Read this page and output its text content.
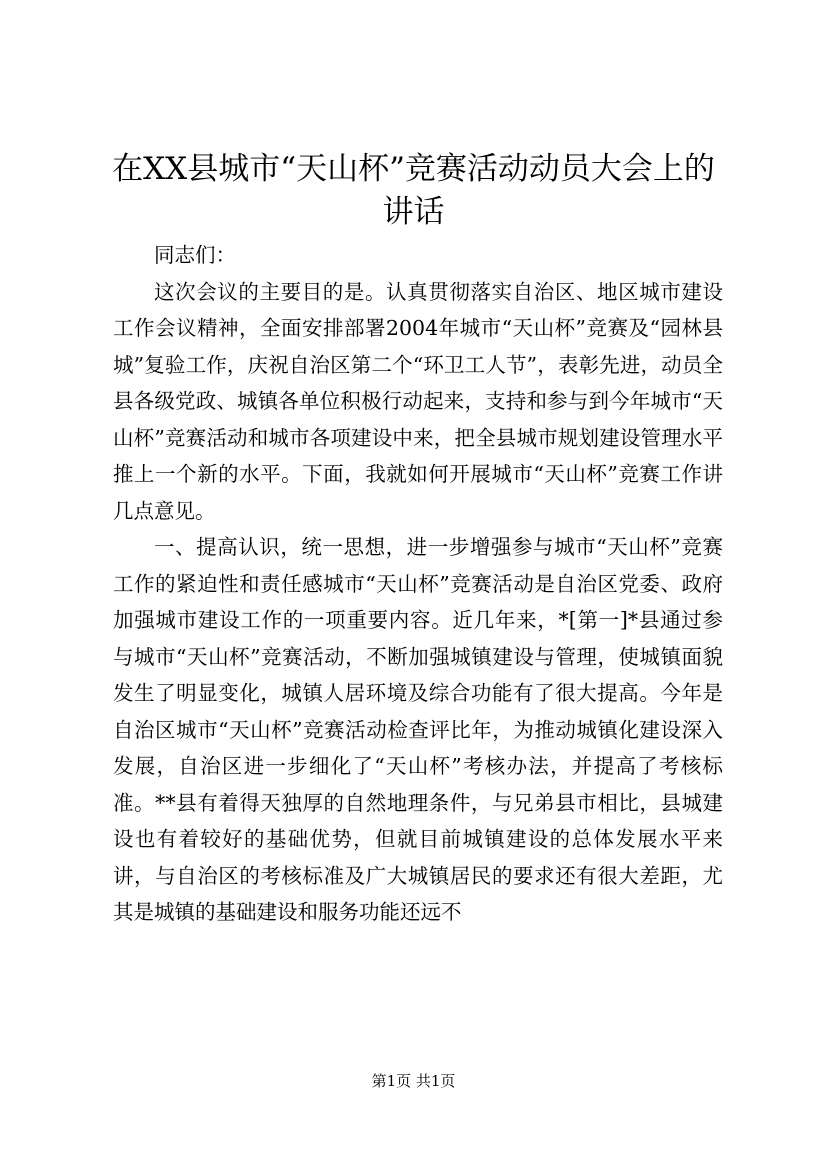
在XX县城市“天山杯”竞赛活动动员大会上的讲话

同志们：

这次会议的主要目的是。认真贯彻落实自治区、地区城市建设工作会议精神，全面安排部署2004年城市“天山杯”竞赛及“园林县城”复验工作，庆祝自治区第二个“环卫工人节”，表彰先进，动员全县各级党政、城镇各单位积极行动起来，支持和参与到今年城市“天山杯”竞赛活动和城市各项建设中来，把全县城市规划建设管理水平推上一个新的水平。下面，我就如何开展城市“天山杯”竞赛工作讲几点意见。

一、提高认识，统一思想，进一步增强参与城市“天山杯”竞赛工作的紧迫性和责任感城市“天山杯”竞赛活动是自治区党委、政府加强城市建设工作的一项重要内容。近几年来，*[第一]*县通过参与城市“天山杯”竞赛活动，不断加强城镇建设与管理，使城镇面貌发生了明显变化，城镇人居环境及综合功能有了很大提高。今年是自治区城市“天山杯”竞赛活动检查评比年，为推动城镇化建设深入发展，自治区进一步细化了“天山杯”考核办法，并提高了考核标准。**县有着得天独厚的自然地理条件，与兄弟县市相比，县城建设也有着较好的基础优势，但就目前城镇建设的总体发展水平来讲，与自治区的考核标准及广大城镇居民的要求还有很大差距，尤其是城镇的基础建设和服务功能还远不

第1页 共1页
